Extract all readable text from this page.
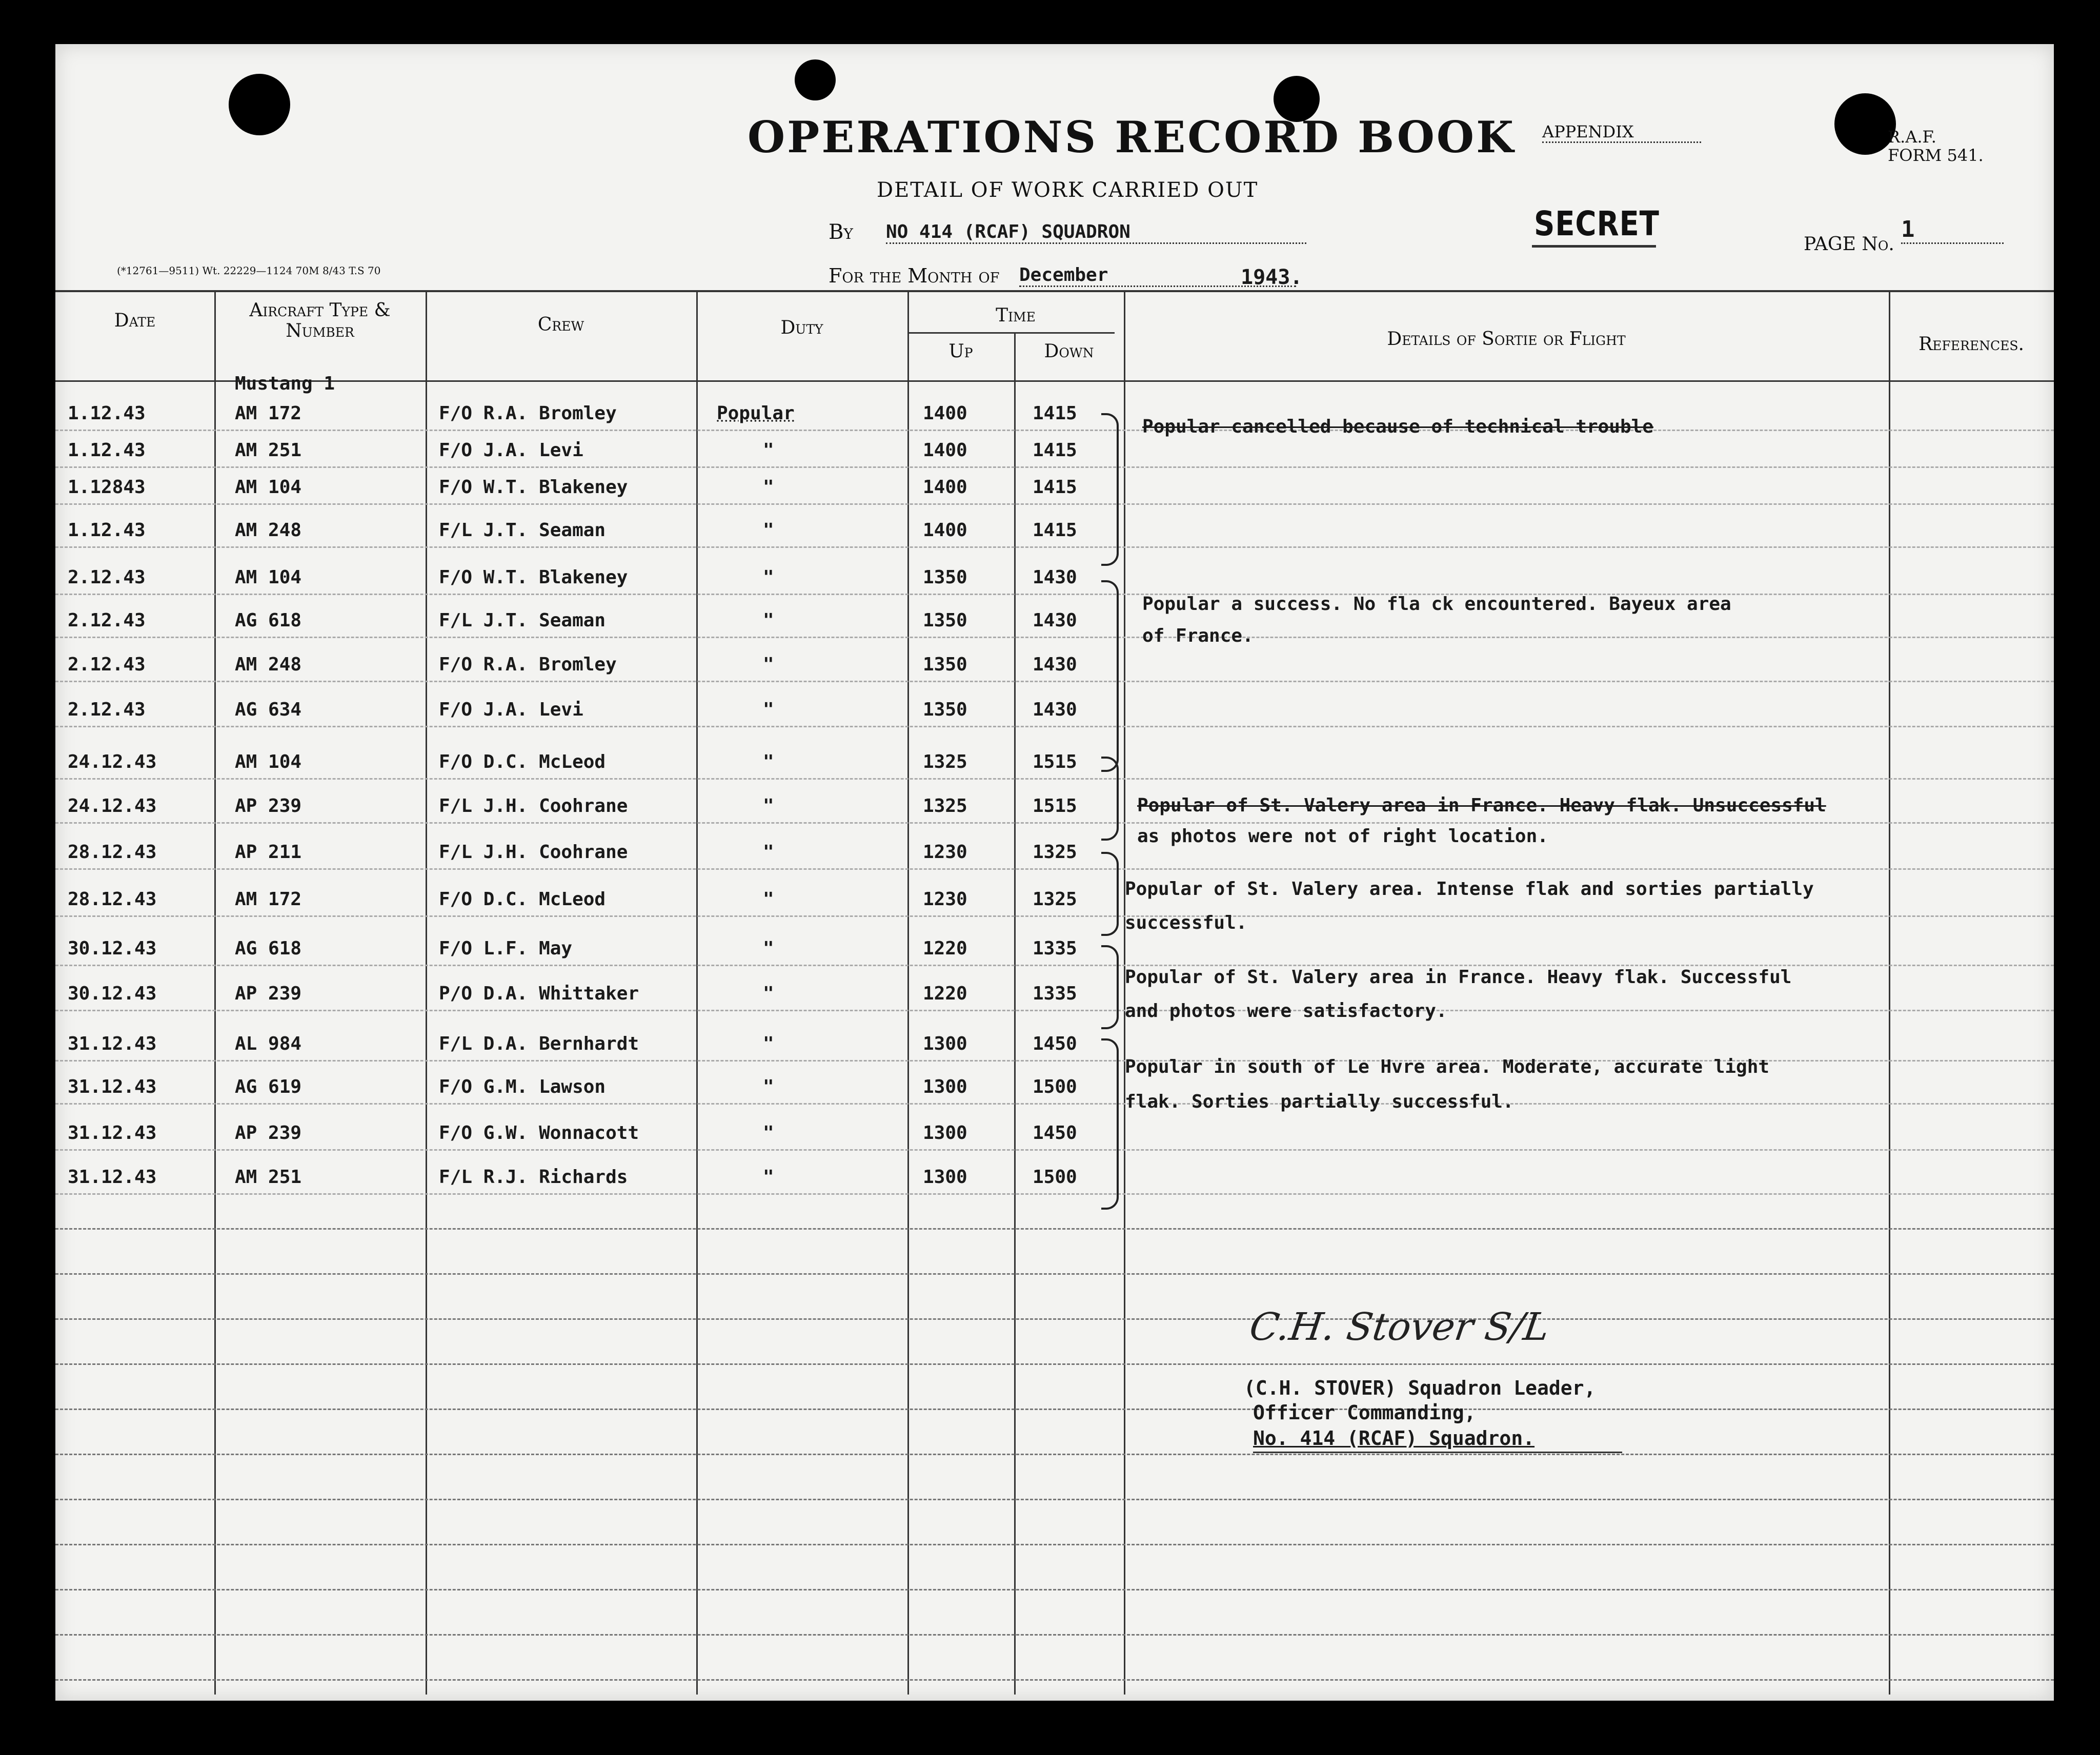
OPERATIONS RECORD BOOK
DETAIL OF WORK CARRIED OUT
By NO 414 (RCAF) SQUADRON
For the Month of December	1943.
APPENDIX	R.A.F.
FORM 541.
SECRET
PAGE No.
1
(*12761—9511) Wt. 22229—1124 70M 8/43 T.S 70
Date	Aircraft Type & Number	Crew	Duty
Time
Up	Down
Details of Sortie or Flight	References.
1.12.43	AM 172	F/O R.A. Bromley	Popular	1400	1415
Mustang 1
1.12.43	AM 251	F/O J.A. Levi	"	1400	1415
1.12843	AM 104	F/O W.T. Blakeney	"	1400	1415
1.12.43	AM 248	F/L J.T. Seaman	"	1400	1415
2.12.43	AM 104	F/O W.T. Blakeney	"	1350	1430
2.12.43	AG 618	F/L J.T. Seaman	"	1350	1430
2.12.43	AM 248	F/O R.A. Bromley	"	1350	1430
2.12.43	AG 634	F/O J.A. Levi	"	1350	1430
24.12.43	AM 104	F/O D.C. McLeod	"	1325	1515
24.12.43	AP 239	F/L J.H. Coohrane	"	1325	1515
28.12.43	AP 211	F/L J.H. Coohrane	"	1230	1325
28.12.43	AM 172	F/O D.C. McLeod	"	1230	1325
30.12.43	AG 618	F/O L.F. May	"	1220	1335
30.12.43	AP 239	P/O D.A. Whittaker	"	1220	1335
31.12.43	AL 984	F/L D.A. Bernhardt	"	1300	1450
31.12.43	AG 619	F/O G.M. Lawson	"	1300	1500
31.12.43	AP 239	F/O G.W. Wonnacott	"	1300	1450
31.12.43	AM 251	F/L R.J. Richards	"	1300	1500
Popular cancelled because of technical trouble
Popular a success. No fla ck encountered. Bayeux area
of France.
Popular of St. Valery area in France. Heavy flak. Unsuccessful
as photos were not of right location.
Popular of St. Valery area. Intense flak and sorties partially
successful.
Popular of St. Valery area in France. Heavy flak. Successful
and photos were satisfactory.
Popular in south of Le Hvre area. Moderate, accurate light
flak. Sorties partially successful.
C.H. Stover S/L
(C.H. STOVER) Squadron Leader,
Officer Commanding,
No. 414 (RCAF) Squadron.
